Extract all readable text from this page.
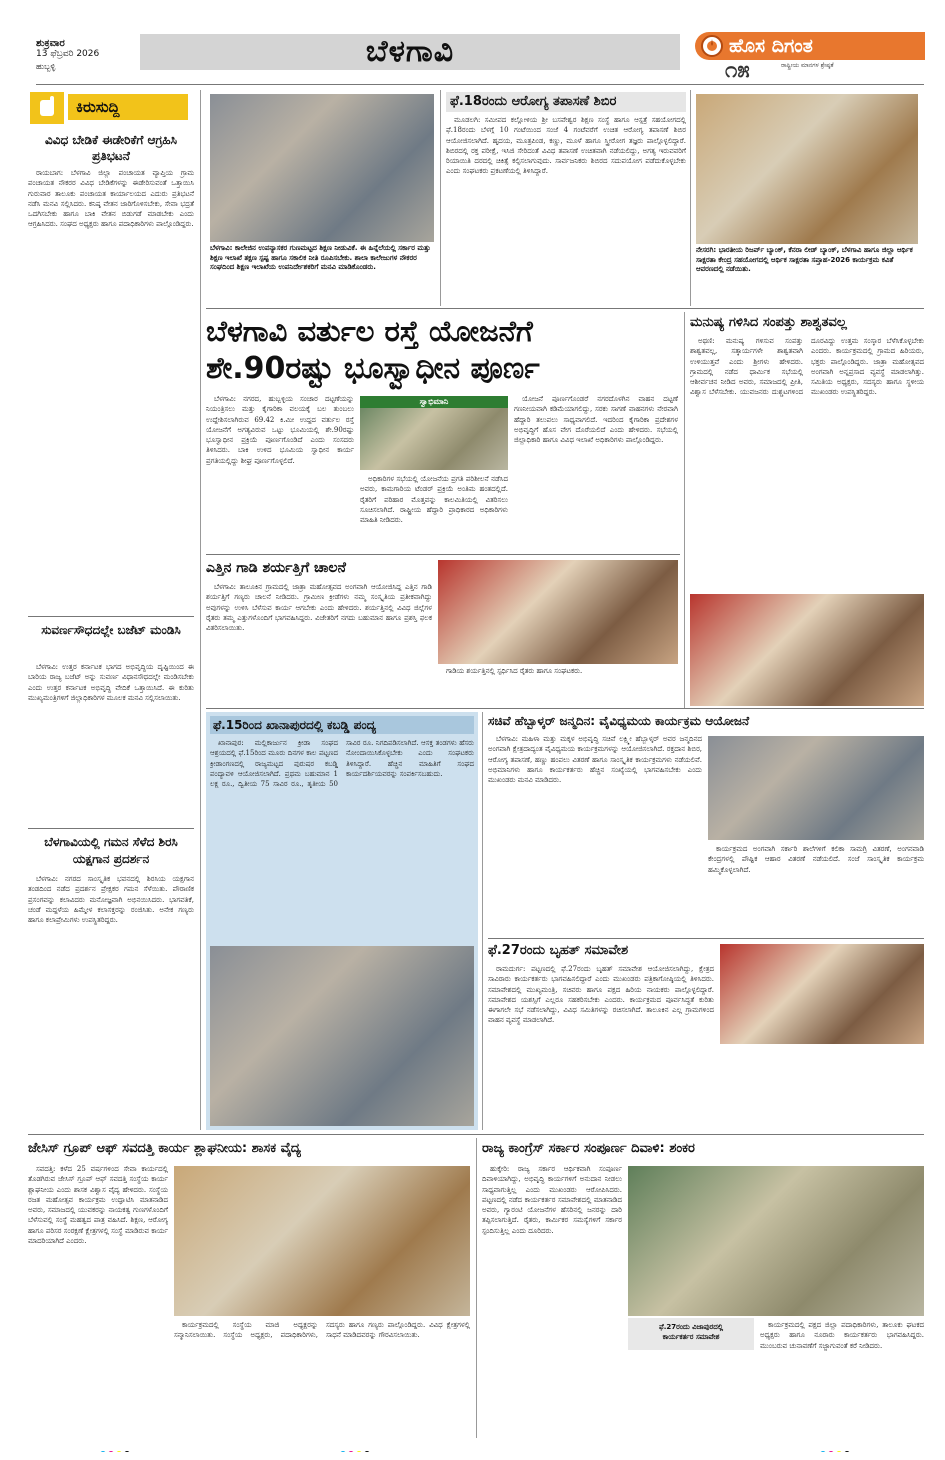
ಶುಕ್ರವಾರ
13 ಫೆಬ್ರವರಿ 2026
ಹುಬ್ಬಳ್ಳಿ	ಬೆಳಗಾವಿ	ಹೊಸ ದಿಗಂತ
ರಾಷ್ಟ್ರೀಯ ಮಾನಗಳ ಶ್ರೇಷ್ಠತೆ
೧೫
ಕಿರುಸುದ್ದಿ
ವಿವಿಧ ಬೇಡಿಕೆ ಈಡೇರಿಕೆಗೆ ಆಗ್ರಹಿಸಿ ಪ್ರತಿಭಟನೆ

ರಾಯಬಾಗ: ಬೆಳಗಾವಿ ಜಿಲ್ಲಾ ಪಂಚಾಯತ ವ್ಯಾಪ್ತಿಯ ಗ್ರಾಮ ಪಂಚಾಯತ ನೌಕರರ ವಿವಿಧ ಬೇಡಿಕೆಗಳನ್ನು ಈಡೇರಿಸುವಂತೆ ಒತ್ತಾಯಿಸಿ ಗುರುವಾರ ತಾಲೂಕು ಪಂಚಾಯತ ಕಾರ್ಯಾಲಯದ ಎದುರು ಪ್ರತಿಭಟನೆ ನಡೆಸಿ ಮನವಿ ಸಲ್ಲಿಸಿದರು. ಕನಿಷ್ಠ ವೇತನ ಜಾರಿಗೊಳಿಸಬೇಕು, ಸೇವಾ ಭದ್ರತೆ ಒದಗಿಸಬೇಕು ಹಾಗೂ ಬಾಕಿ ವೇತನ ಬಿಡುಗಡೆ ಮಾಡಬೇಕು ಎಂದು ಆಗ್ರಹಿಸಿದರು. ಸಂಘದ ಅಧ್ಯಕ್ಷರು ಹಾಗೂ ಪದಾಧಿಕಾರಿಗಳು ಪಾಲ್ಗೊಂಡಿದ್ದರು.

ಸುವರ್ಣಸೌಧದಲ್ಲೇ ಬಜೆಟ್ ಮಂಡಿಸಿ

ಬೆಳಗಾವಿ: ಉತ್ತರ ಕರ್ನಾಟಕ ಭಾಗದ ಅಭಿವೃದ್ಧಿಯ ದೃಷ್ಟಿಯಿಂದ ಈ ಬಾರಿಯ ರಾಜ್ಯ ಬಜೆಟ್ ಅನ್ನು ಸುವರ್ಣ ವಿಧಾನಸೌಧದಲ್ಲೇ ಮಂಡಿಸಬೇಕು ಎಂದು ಉತ್ತರ ಕರ್ನಾಟಕ ಅಭಿವೃದ್ಧಿ ವೇದಿಕೆ ಒತ್ತಾಯಿಸಿದೆ. ಈ ಕುರಿತು ಮುಖ್ಯಮಂತ್ರಿಗಳಿಗೆ ಜಿಲ್ಲಾಧಿಕಾರಿಗಳ ಮೂಲಕ ಮನವಿ ಸಲ್ಲಿಸಲಾಯಿತು.

ಬೆಳಗಾವಿಯಲ್ಲಿ ಗಮನ ಸೆಳೆದ ಶಿರಸಿ ಯಕ್ಷಗಾನ ಪ್ರದರ್ಶನ

ಬೆಳಗಾವಿ: ನಗರದ ಸಾಂಸ್ಕೃತಿಕ ಭವನದಲ್ಲಿ ಶಿರಸಿಯ ಯಕ್ಷಗಾನ ತಂಡದಿಂದ ನಡೆದ ಪ್ರದರ್ಶನ ಪ್ರೇಕ್ಷಕರ ಗಮನ ಸೆಳೆಯಿತು. ಪೌರಾಣಿಕ ಪ್ರಸಂಗವನ್ನು ಕಲಾವಿದರು ಮನೋಜ್ಞವಾಗಿ ಅಭಿನಯಿಸಿದರು. ಭಾಗವತಿಕೆ, ಚಂಡೆ ಮದ್ದಳೆಯ ಹಿಮ್ಮೇಳ ಕಲಾಸಕ್ತರನ್ನು ರಂಜಿಸಿತು. ಅನೇಕ ಗಣ್ಯರು ಹಾಗೂ ಕಲಾಪ್ರೇಮಿಗಳು ಉಪಸ್ಥಿತರಿದ್ದರು.

ಬೆಳಗಾವಿ: ಕಾಲೇಜಿನ ಉಪನ್ಯಾಸಕರ ಗುಣಮಟ್ಟದ ಶಿಕ್ಷಣ ನೀಡುವಿಕೆ. ಈ ಹಿನ್ನೆಲೆಯಲ್ಲಿ ಸರ್ಕಾರ ಮತ್ತು ಶಿಕ್ಷಣ ಇಲಾಖೆ ತಕ್ಷಣ ಸ್ಪಷ್ಟ ಹಾಗೂ ಸಕಾಲಿಕ ನೀತಿ ರೂಪಿಸಬೇಕು. ಶಾಲಾ ಕಾಲೇಜುಗಳ ನೌಕರರ ಸಂಘದಿಂದ ಶಿಕ್ಷಣ ಇಲಾಖೆಯ ಉಪನಿರ್ದೇಶಕರಿಗೆ ಮನವಿ ಮಾಡಿಕೊಂಡರು.
ಫೆ.18ರಂದು ಆರೋಗ್ಯ ತಪಾಸಣೆ ಶಿಬಿರ

ಮೂಡಲಗಿ: ಸಮೀಪದ ಕಲ್ಲೋಳಿಯ ಶ್ರೀ ಬಸವೇಶ್ವರ ಶಿಕ್ಷಣ ಸಂಸ್ಥೆ ಹಾಗೂ ಆಸ್ಪತ್ರೆ ಸಹಯೋಗದಲ್ಲಿ ಫೆ.18ರಂದು ಬೆಳಗ್ಗೆ 10 ಗಂಟೆಯಿಂದ ಸಂಜೆ 4 ಗಂಟೆವರೆಗೆ ಉಚಿತ ಆರೋಗ್ಯ ತಪಾಸಣೆ ಶಿಬಿರ ಆಯೋಜಿಸಲಾಗಿದೆ. ಹೃದಯ, ಮೂತ್ರಪಿಂಡ, ಕಣ್ಣು, ಮೂಳೆ ಹಾಗೂ ಸ್ತ್ರೀರೋಗ ತಜ್ಞರು ಪಾಲ್ಗೊಳ್ಳಲಿದ್ದಾರೆ. ಶಿಬಿರದಲ್ಲಿ ರಕ್ತ ಪರೀಕ್ಷೆ, ಇಸಿಜಿ ಸೇರಿದಂತೆ ವಿವಿಧ ತಪಾಸಣೆ ಉಚಿತವಾಗಿ ನಡೆಯಲಿದ್ದು, ಅಗತ್ಯ ಇರುವವರಿಗೆ ರಿಯಾಯಿತಿ ದರದಲ್ಲಿ ಚಿಕಿತ್ಸೆ ಕಲ್ಪಿಸಲಾಗುವುದು. ಸಾರ್ವಜನಿಕರು ಶಿಬಿರದ ಸದುಪಯೋಗ ಪಡೆದುಕೊಳ್ಳಬೇಕು ಎಂದು ಸಂಘಟಕರು ಪ್ರಕಟಣೆಯಲ್ಲಿ ತಿಳಿಸಿದ್ದಾರೆ.

ನೇಸರಗಿ: ಭಾರತೀಯ ರಿಜರ್ವ್ ಬ್ಯಾಂಕ್, ಕೆನರಾ ಲೀಡ್ ಬ್ಯಾಂಕ್, ಬೆಳಗಾವಿ ಹಾಗೂ ಜಿಲ್ಲಾ ಆರ್ಥಿಕ ಸಾಕ್ಷರತಾ ಕೇಂದ್ರ ಸಹಯೋಗದಲ್ಲಿ ಆರ್ಥಿಕ ಸಾಕ್ಷರತಾ ಸಪ್ತಾಹ-2026 ಕಾರ್ಯಕ್ರಮ ಕವಿತೆ ಆವರಣದಲ್ಲಿ ನಡೆಯಿತು.
ಬೆಳಗಾವಿ ವರ್ತುಲ ರಸ್ತೆ ಯೋಜನೆಗೆ
ಶೇ.90ರಷ್ಟು ಭೂಸ್ವಾಧೀನ ಪೂರ್ಣ

ಬೆಳಗಾವಿ: ನಗರದ, ಹುಬ್ಬಳ್ಳಿಯ ಸಂಚಾರ ದಟ್ಟಣೆಯನ್ನು ನಿಯಂತ್ರಿಸಲು ಮತ್ತು ಕೈಗಾರಿಕಾ ವಲಯಕ್ಕೆ ಬಲ ತುಂಬಲು ಉದ್ದೇಶಿಸಲಾಗಿರುವ 69.42 ಕಿ.ಮೀ ಉದ್ದದ ವರ್ತುಲ ರಸ್ತೆ ಯೋಜನೆಗೆ ಅಗತ್ಯವಿರುವ ಒಟ್ಟು ಭೂಮಿಯಲ್ಲಿ ಶೇ.90ರಷ್ಟು ಭೂಸ್ವಾಧೀನ ಪ್ರಕ್ರಿಯೆ ಪೂರ್ಣಗೊಂಡಿದೆ ಎಂದು ಸಂಸದರು ತಿಳಿಸಿದರು. ಬಾಕಿ ಉಳಿದ ಭೂಮಿಯ ಸ್ವಾಧೀನ ಕಾರ್ಯ ಪ್ರಗತಿಯಲ್ಲಿದ್ದು ಶೀಘ್ರ ಪೂರ್ಣಗೊಳ್ಳಲಿದೆ.

ಸ್ವಾಭಿಮಾನಿ

ಅಧಿಕಾರಿಗಳ ಸಭೆಯಲ್ಲಿ ಯೋಜನೆಯ ಪ್ರಗತಿ ಪರಿಶೀಲನೆ ನಡೆಸಿದ ಅವರು, ಕಾಮಗಾರಿಯ ಟೆಂಡರ್ ಪ್ರಕ್ರಿಯೆ ಅಂತಿಮ ಹಂತದಲ್ಲಿದೆ. ರೈತರಿಗೆ ಪರಿಹಾರ ಮೊತ್ತವನ್ನು ಕಾಲಮಿತಿಯಲ್ಲಿ ವಿತರಿಸಲು ಸೂಚಿಸಲಾಗಿದೆ. ರಾಷ್ಟ್ರೀಯ ಹೆದ್ದಾರಿ ಪ್ರಾಧಿಕಾರದ ಅಧಿಕಾರಿಗಳು ಮಾಹಿತಿ ನೀಡಿದರು.

ಯೋಜನೆ ಪೂರ್ಣಗೊಂಡರೆ ನಗರದೊಳಗಿನ ವಾಹನ ದಟ್ಟಣೆ ಗಣನೀಯವಾಗಿ ಕಡಿಮೆಯಾಗಲಿದ್ದು, ಸರಕು ಸಾಗಣೆ ವಾಹನಗಳು ನೇರವಾಗಿ ಹೆದ್ದಾರಿ ತಲುಪಲು ಸಾಧ್ಯವಾಗಲಿದೆ. ಇದರಿಂದ ಕೈಗಾರಿಕಾ ಪ್ರದೇಶಗಳ ಅಭಿವೃದ್ಧಿಗೆ ಹೊಸ ವೇಗ ದೊರೆಯಲಿದೆ ಎಂದು ಹೇಳಿದರು. ಸಭೆಯಲ್ಲಿ ಜಿಲ್ಲಾಧಿಕಾರಿ ಹಾಗೂ ವಿವಿಧ ಇಲಾಖೆ ಅಧಿಕಾರಿಗಳು ಪಾಲ್ಗೊಂಡಿದ್ದರು.

ಮನುಷ್ಯ ಗಳಿಸಿದ ಸಂಪತ್ತು ಶಾಶ್ವತವಲ್ಲ

ಅಥಣಿ: ಮನುಷ್ಯ ಗಳಿಸುವ ಸಂಪತ್ತು ಶಾಶ್ವತವಲ್ಲ, ಸತ್ಕಾರ್ಯಗಳೇ ಶಾಶ್ವತವಾಗಿ ಉಳಿಯುತ್ತವೆ ಎಂದು ಶ್ರೀಗಳು ಹೇಳಿದರು. ಗ್ರಾಮದಲ್ಲಿ ನಡೆದ ಧಾರ್ಮಿಕ ಸಭೆಯಲ್ಲಿ ಆಶೀರ್ವಚನ ನೀಡಿದ ಅವರು, ಸಮಾಜದಲ್ಲಿ ಪ್ರೀತಿ, ವಿಶ್ವಾಸ ಬೆಳೆಸಬೇಕು. ಯುವಜನರು ದುಶ್ಚಟಗಳಿಂದ ದೂರವಿದ್ದು ಉತ್ತಮ ಸಂಸ್ಕಾರ ಬೆಳೆಸಿಕೊಳ್ಳಬೇಕು ಎಂದರು. ಕಾರ್ಯಕ್ರಮದಲ್ಲಿ ಗ್ರಾಮದ ಹಿರಿಯರು, ಭಕ್ತರು ಪಾಲ್ಗೊಂಡಿದ್ದರು. ಜಾತ್ರಾ ಮಹೋತ್ಸವದ ಅಂಗವಾಗಿ ಅನ್ನಪ್ರಸಾದ ವ್ಯವಸ್ಥೆ ಮಾಡಲಾಗಿತ್ತು. ಸಮಿತಿಯ ಅಧ್ಯಕ್ಷರು, ಸದಸ್ಯರು ಹಾಗೂ ಸ್ಥಳೀಯ ಮುಖಂಡರು ಉಪಸ್ಥಿತರಿದ್ದರು.

ಎತ್ತಿನ ಗಾಡಿ ಶರ್ಯತ್ತಿಗೆ ಚಾಲನೆ

ಬೆಳಗಾವಿ: ತಾಲೂಕಿನ ಗ್ರಾಮದಲ್ಲಿ ಜಾತ್ರಾ ಮಹೋತ್ಸವದ ಅಂಗವಾಗಿ ಆಯೋಜಿಸಿದ್ದ ಎತ್ತಿನ ಗಾಡಿ ಶರ್ಯತ್ತಿಗೆ ಗಣ್ಯರು ಚಾಲನೆ ನೀಡಿದರು. ಗ್ರಾಮೀಣ ಕ್ರೀಡೆಗಳು ನಮ್ಮ ಸಂಸ್ಕೃತಿಯ ಪ್ರತೀಕವಾಗಿದ್ದು ಅವುಗಳನ್ನು ಉಳಿಸಿ ಬೆಳೆಸುವ ಕಾರ್ಯ ಆಗಬೇಕು ಎಂದು ಹೇಳಿದರು. ಶರ್ಯತ್ತಿನಲ್ಲಿ ವಿವಿಧ ಜಿಲ್ಲೆಗಳ ರೈತರು ತಮ್ಮ ಎತ್ತುಗಳೊಂದಿಗೆ ಭಾಗವಹಿಸಿದ್ದರು. ವಿಜೇತರಿಗೆ ನಗದು ಬಹುಮಾನ ಹಾಗೂ ಪ್ರಶಸ್ತಿ ಫಲಕ ವಿತರಿಸಲಾಯಿತು.

ಗಾಡಿಯ ಶರ್ಯತ್ತಿನಲ್ಲಿ ಸ್ಪರ್ಧಿಸಿದ ರೈತರು ಹಾಗೂ ಸಂಘಟಕರು.

ಫೆ.15ರಿಂದ ಖಾನಾಪುರದಲ್ಲಿ ಕಬಡ್ಡಿ ಪಂದ್ಯ

ಖಾನಾಪುರ: ಮಲ್ಲಿಕಾರ್ಜುನ ಕ್ರೀಡಾ ಸಂಘದ ಆಶ್ರಯದಲ್ಲಿ ಫೆ.15ರಿಂದ ಮೂರು ದಿನಗಳ ಕಾಲ ಪಟ್ಟಣದ ಕ್ರೀಡಾಂಗಣದಲ್ಲಿ ರಾಜ್ಯಮಟ್ಟದ ಪುರುಷರ ಕಬಡ್ಡಿ ಪಂದ್ಯಾವಳಿ ಆಯೋಜಿಸಲಾಗಿದೆ. ಪ್ರಥಮ ಬಹುಮಾನ 1 ಲಕ್ಷ ರೂ., ದ್ವಿತೀಯ 75 ಸಾವಿರ ರೂ., ತೃತೀಯ 50 ಸಾವಿರ ರೂ. ನಿಗದಿಪಡಿಸಲಾಗಿದೆ. ಆಸಕ್ತ ತಂಡಗಳು ಹೆಸರು ನೋಂದಾಯಿಸಿಕೊಳ್ಳಬೇಕು ಎಂದು ಸಂಘಟಕರು ತಿಳಿಸಿದ್ದಾರೆ. ಹೆಚ್ಚಿನ ಮಾಹಿತಿಗೆ ಸಂಘದ ಕಾರ್ಯದರ್ಶಿಯವರನ್ನು ಸಂಪರ್ಕಿಸಬಹುದು.

ಸಚಿವೆ ಹೆಬ್ಬಾಳ್ಕರ್ ಜನ್ಮದಿನ: ವೈವಿಧ್ಯಮಯ ಕಾರ್ಯಕ್ರಮ ಆಯೋಜನೆ

ಬೆಳಗಾವಿ: ಮಹಿಳಾ ಮತ್ತು ಮಕ್ಕಳ ಅಭಿವೃದ್ಧಿ ಸಚಿವೆ ಲಕ್ಷ್ಮೀ ಹೆಬ್ಬಾಳ್ಕರ್ ಅವರ ಜನ್ಮದಿನದ ಅಂಗವಾಗಿ ಕ್ಷೇತ್ರದಾದ್ಯಂತ ವೈವಿಧ್ಯಮಯ ಕಾರ್ಯಕ್ರಮಗಳನ್ನು ಆಯೋಜಿಸಲಾಗಿದೆ. ರಕ್ತದಾನ ಶಿಬಿರ, ಆರೋಗ್ಯ ತಪಾಸಣೆ, ಹಣ್ಣು ಹಂಪಲು ವಿತರಣೆ ಹಾಗೂ ಸಾಂಸ್ಕೃತಿಕ ಕಾರ್ಯಕ್ರಮಗಳು ನಡೆಯಲಿವೆ. ಅಭಿಮಾನಿಗಳು ಹಾಗೂ ಕಾರ್ಯಕರ್ತರು ಹೆಚ್ಚಿನ ಸಂಖ್ಯೆಯಲ್ಲಿ ಭಾಗವಹಿಸಬೇಕು ಎಂದು ಮುಖಂಡರು ಮನವಿ ಮಾಡಿದರು.

ಕಾರ್ಯಕ್ರಮದ ಅಂಗವಾಗಿ ಸರ್ಕಾರಿ ಶಾಲೆಗಳಿಗೆ ಕಲಿಕಾ ಸಾಮಗ್ರಿ ವಿತರಣೆ, ಅಂಗನವಾಡಿ ಕೇಂದ್ರಗಳಲ್ಲಿ ಪೌಷ್ಟಿಕ ಆಹಾರ ವಿತರಣೆ ನಡೆಯಲಿದೆ. ಸಂಜೆ ಸಾಂಸ್ಕೃತಿಕ ಕಾರ್ಯಕ್ರಮ ಹಮ್ಮಿಕೊಳ್ಳಲಾಗಿದೆ.

ಫೆ.27ರಂದು ಬೃಹತ್ ಸಮಾವೇಶ

ರಾಮದುರ್ಗ: ಪಟ್ಟಣದಲ್ಲಿ ಫೆ.27ರಂದು ಬೃಹತ್ ಸಮಾವೇಶ ಆಯೋಜಿಸಲಾಗಿದ್ದು, ಕ್ಷೇತ್ರದ ಸಾವಿರಾರು ಕಾರ್ಯಕರ್ತರು ಭಾಗವಹಿಸಲಿದ್ದಾರೆ ಎಂದು ಮುಖಂಡರು ಪತ್ರಿಕಾಗೋಷ್ಠಿಯಲ್ಲಿ ತಿಳಿಸಿದರು. ಸಮಾವೇಶದಲ್ಲಿ ಮುಖ್ಯಮಂತ್ರಿ, ಸಚಿವರು ಹಾಗೂ ಪಕ್ಷದ ಹಿರಿಯ ನಾಯಕರು ಪಾಲ್ಗೊಳ್ಳಲಿದ್ದಾರೆ. ಸಮಾವೇಶದ ಯಶಸ್ಸಿಗೆ ಎಲ್ಲರೂ ಸಹಕರಿಸಬೇಕು ಎಂದರು. ಕಾರ್ಯಕ್ರಮದ ಪೂರ್ವಸಿದ್ಧತೆ ಕುರಿತು ಈಗಾಗಲೇ ಸಭೆ ನಡೆಸಲಾಗಿದ್ದು, ವಿವಿಧ ಸಮಿತಿಗಳನ್ನು ರಚಿಸಲಾಗಿದೆ. ತಾಲೂಕಿನ ಎಲ್ಲ ಗ್ರಾಮಗಳಿಂದ ವಾಹನ ವ್ಯವಸ್ಥೆ ಮಾಡಲಾಗಿದೆ.

ಜೇಸಿಸ್ ಗ್ರೂಪ್ ಆಫ್ ಸವದತ್ತಿ ಕಾರ್ಯ ಶ್ಲಾಘನೀಯ: ಶಾಸಕ ವೈದ್ಯ

ಸವದತ್ತಿ: ಕಳೆದ 25 ವರ್ಷಗಳಿಂದ ಸೇವಾ ಕಾರ್ಯದಲ್ಲಿ ತೊಡಗಿರುವ ಜೇಸಿಸ್ ಗ್ರೂಪ್ ಆಫ್ ಸವದತ್ತಿ ಸಂಸ್ಥೆಯ ಕಾರ್ಯ ಶ್ಲಾಘನೀಯ ಎಂದು ಶಾಸಕ ವಿಶ್ವಾಸ ವೈದ್ಯ ಹೇಳಿದರು. ಸಂಸ್ಥೆಯ ರಜತ ಮಹೋತ್ಸವ ಕಾರ್ಯಕ್ರಮ ಉದ್ಘಾಟಿಸಿ ಮಾತನಾಡಿದ ಅವರು, ಸಮಾಜದಲ್ಲಿ ಯುವಕರನ್ನು ನಾಯಕತ್ವ ಗುಣಗಳೊಂದಿಗೆ ಬೆಳೆಸುವಲ್ಲಿ ಸಂಸ್ಥೆ ಮಹತ್ವದ ಪಾತ್ರ ವಹಿಸಿದೆ. ಶಿಕ್ಷಣ, ಆರೋಗ್ಯ ಹಾಗೂ ಪರಿಸರ ಸಂರಕ್ಷಣೆ ಕ್ಷೇತ್ರಗಳಲ್ಲಿ ಸಂಸ್ಥೆ ಮಾಡಿರುವ ಕಾರ್ಯ ಮಾದರಿಯಾಗಿದೆ ಎಂದರು.

ಕಾರ್ಯಕ್ರಮದಲ್ಲಿ ಸಂಸ್ಥೆಯ ಮಾಜಿ ಅಧ್ಯಕ್ಷರನ್ನು ಸನ್ಮಾನಿಸಲಾಯಿತು. ಸಂಸ್ಥೆಯ ಅಧ್ಯಕ್ಷರು, ಪದಾಧಿಕಾರಿಗಳು, ಸದಸ್ಯರು ಹಾಗೂ ಗಣ್ಯರು ಪಾಲ್ಗೊಂಡಿದ್ದರು. ವಿವಿಧ ಕ್ಷೇತ್ರಗಳಲ್ಲಿ ಸಾಧನೆ ಮಾಡಿದವರನ್ನು ಗೌರವಿಸಲಾಯಿತು.

ರಾಜ್ಯ ಕಾಂಗ್ರೆಸ್ ಸರ್ಕಾರ ಸಂಪೂರ್ಣ ದಿವಾಳಿ: ಶಂಕರ

ಹುಕ್ಕೇರಿ: ರಾಜ್ಯ ಸರ್ಕಾರ ಆರ್ಥಿಕವಾಗಿ ಸಂಪೂರ್ಣ ದಿವಾಳಿಯಾಗಿದ್ದು, ಅಭಿವೃದ್ಧಿ ಕಾರ್ಯಗಳಿಗೆ ಅನುದಾನ ನೀಡಲು ಸಾಧ್ಯವಾಗುತ್ತಿಲ್ಲ ಎಂದು ಮುಖಂಡರು ಆರೋಪಿಸಿದರು. ಪಟ್ಟಣದಲ್ಲಿ ನಡೆದ ಕಾರ್ಯಕರ್ತರ ಸಮಾವೇಶದಲ್ಲಿ ಮಾತನಾಡಿದ ಅವರು, ಗ್ಯಾರಂಟಿ ಯೋಜನೆಗಳ ಹೆಸರಿನಲ್ಲಿ ಜನರನ್ನು ದಾರಿ ತಪ್ಪಿಸಲಾಗುತ್ತಿದೆ. ರೈತರು, ಕಾರ್ಮಿಕರ ಸಮಸ್ಯೆಗಳಿಗೆ ಸರ್ಕಾರ ಸ್ಪಂದಿಸುತ್ತಿಲ್ಲ ಎಂದು ದೂರಿದರು.

ಫೆ.27ರಂದು ವಿಜಾಪುರದಲ್ಲಿ
ಕಾರ್ಯಕರ್ತರ ಸಮಾವೇಶ

ಕಾರ್ಯಕ್ರಮದಲ್ಲಿ ಪಕ್ಷದ ಜಿಲ್ಲಾ ಪದಾಧಿಕಾರಿಗಳು, ತಾಲೂಕು ಘಟಕದ ಅಧ್ಯಕ್ಷರು ಹಾಗೂ ನೂರಾರು ಕಾರ್ಯಕರ್ತರು ಭಾಗವಹಿಸಿದ್ದರು. ಮುಂಬರುವ ಚುನಾವಣೆಗೆ ಸಜ್ಜಾಗುವಂತೆ ಕರೆ ನೀಡಿದರು.
